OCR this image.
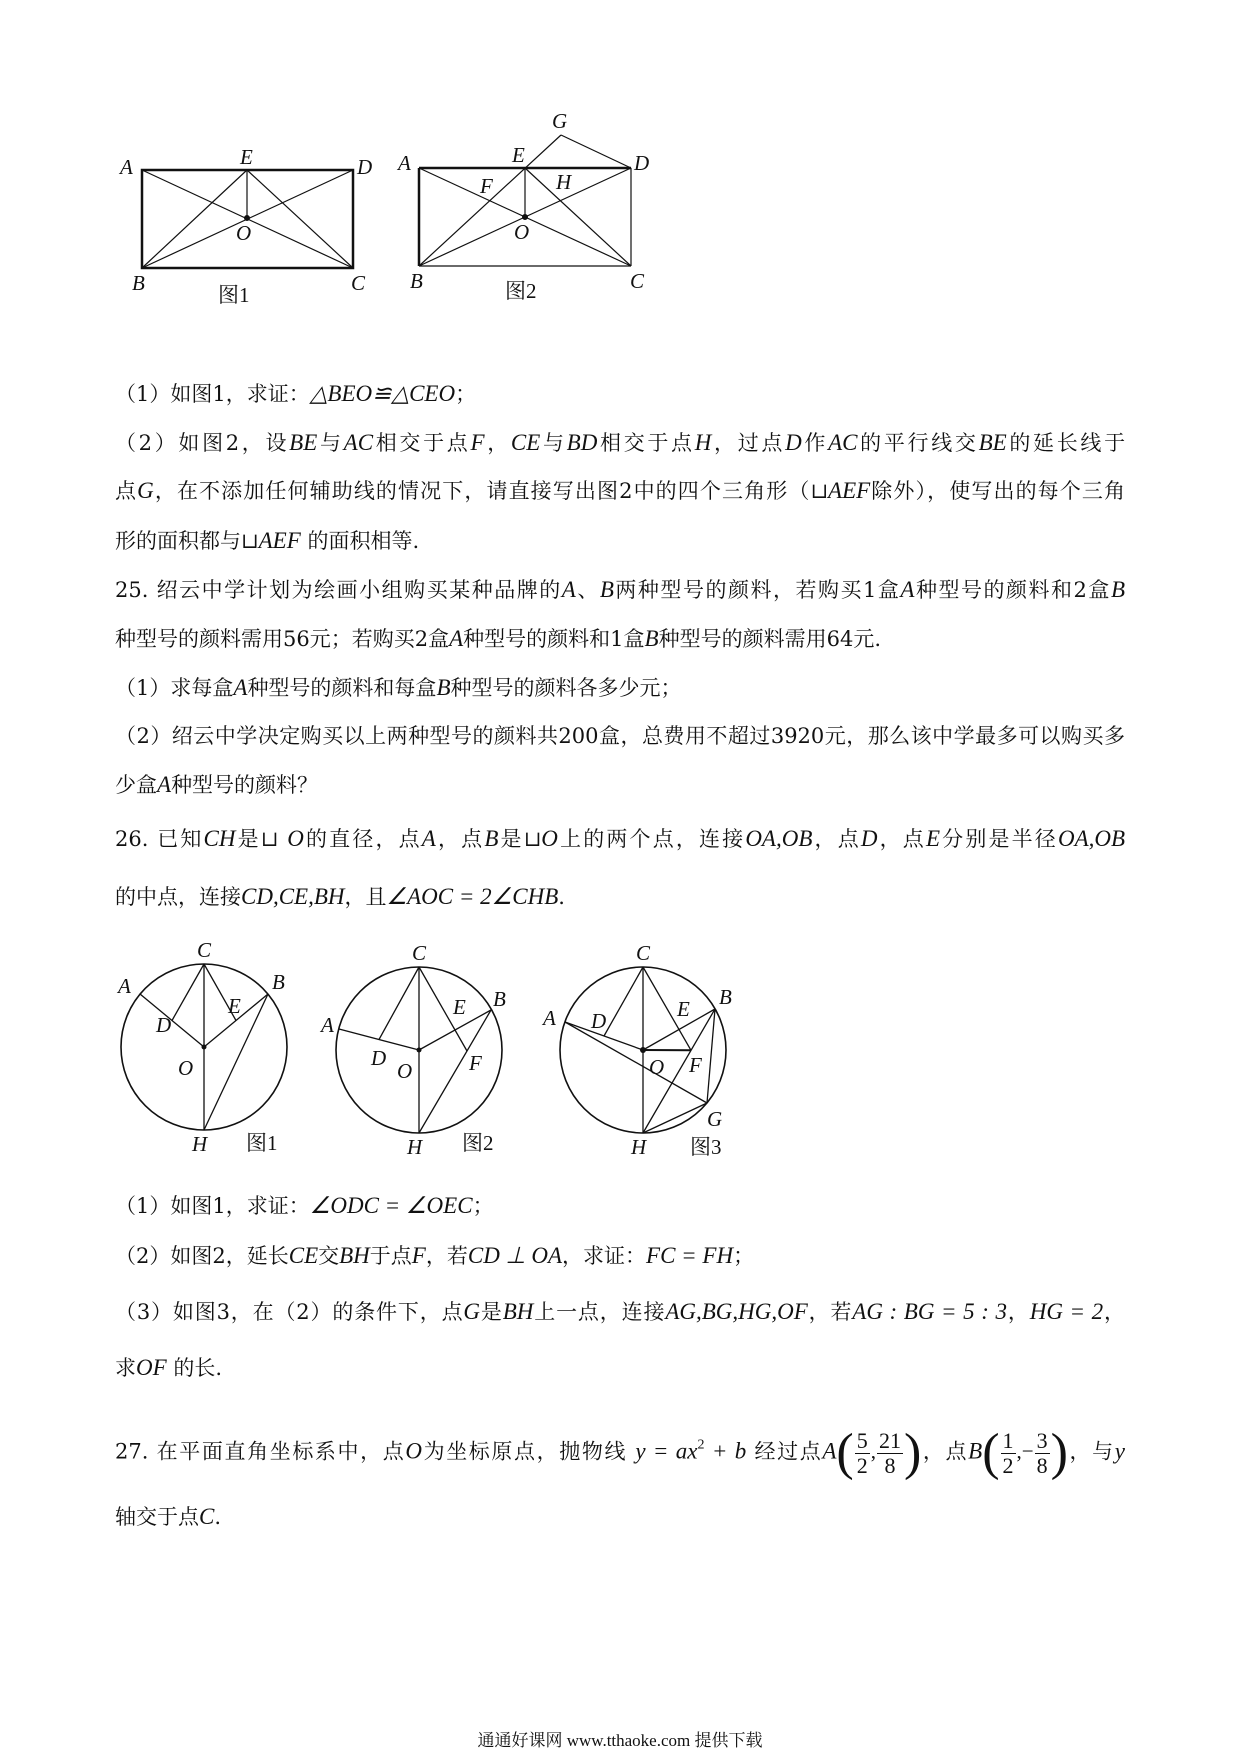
A	D
B	C
E
O
图1
A	D
B	C
E
O
F	H
G
图2
A	B
C
D
E
O
H 图1
A
B
C
D
E
O	F
H 图2
A
B
C
D	E
O F
G
H 图3
（1）如图1，求证：△BEO≌△CEO；
（2）如图2，设BE与AC相交于点F，CE与BD相交于点H，过点D作AC的平行线交BE的延长线于
点G，在不添加任何辅助线的情况下，请直接写出图2中的四个三角形（⊔AEF除外），使写出的每个三角
形的面积都与⊔AEF 的面积相等.
25. 绍云中学计划为绘画小组购买某种品牌的A、B两种型号的颜料，若购买1盒A种型号的颜料和2盒B
种型号的颜料需用56元；若购买2盒A种型号的颜料和1盒B种型号的颜料需用64元.
（1）求每盒A种型号的颜料和每盒B种型号的颜料各多少元；
（2）绍云中学决定购买以上两种型号的颜料共200盒，总费用不超过3920元，那么该中学最多可以购买多
少盒A种型号的颜料？
26. 已知CH是⊔ O的直径，点A，点B是⊔O上的两个点，连接OA,OB，点D，点E分别是半径OA,OB
的中点，连接CD,CE,BH，且∠AOC = 2∠CHB.
（1）如图1，求证：∠ODC = ∠OEC；
（2）如图2，延长CE交BH于点F，若CD ⊥ OA，求证：FC = FH；
（3）如图3，在（2）的条件下，点G是BH上一点，连接AG,BG,HG,OF，若AG : BG = 5 : 3，HG = 2，
求OF 的长.
27. 在平面直角坐标系中，点O为坐标原点，抛物线 $y = ax^2 + b$ 经过点$A( \frac{5}{2}$ , $\frac{21}{8}$ )，点$B( \frac{1}{2}$ ,− $\frac{3}{8}$ )，与y
轴交于点C.
通通好课网 www.tthaoke.com 提供下载
